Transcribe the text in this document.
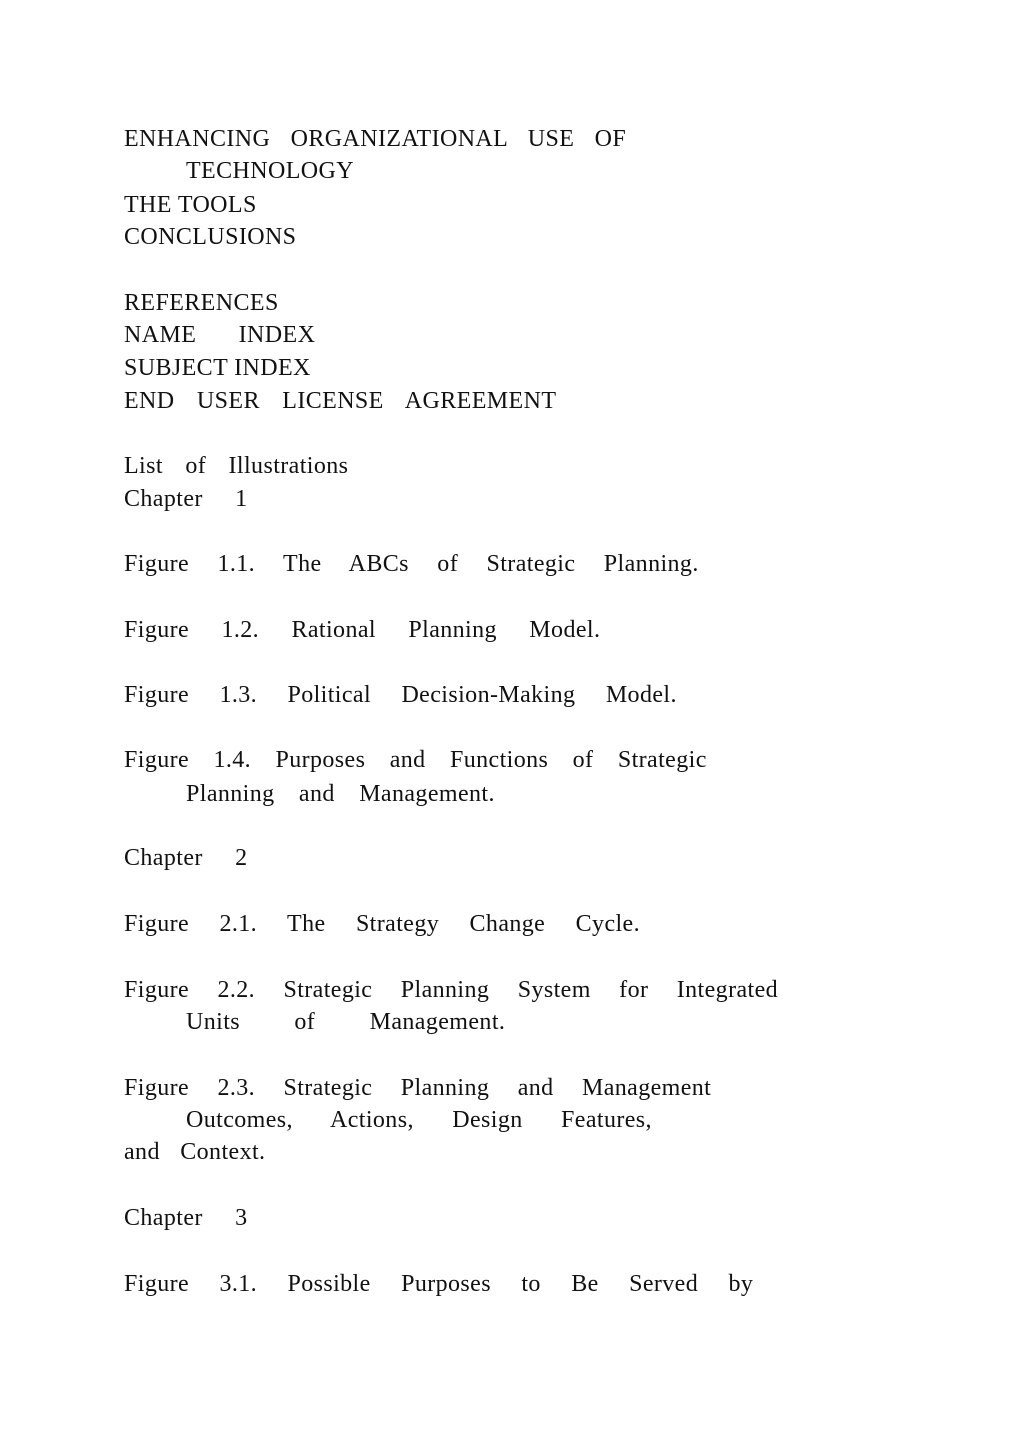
ENHANCING ORGANIZATIONAL USE OF
TECHNOLOGY
THE TOOLS
CONCLUSIONS
REFERENCES
NAME INDEX
SUBJECT INDEX
END USER LICENSE AGREEMENT
List of Illustrations
Chapter 1
Figure 1.1. The ABCs of Strategic Planning.
Figure 1.2. Rational Planning Model.
Figure 1.3. Political Decision-Making Model.
Figure 1.4. Purposes and Functions of Strategic
Planning and Management.
Chapter 2
Figure 2.1. The Strategy Change Cycle.
Figure 2.2. Strategic Planning System for Integrated
Units of Management.
Figure 2.3. Strategic Planning and Management
Outcomes, Actions, Design Features,
and Context.
Chapter 3
Figure 3.1. Possible Purposes to Be Served by
